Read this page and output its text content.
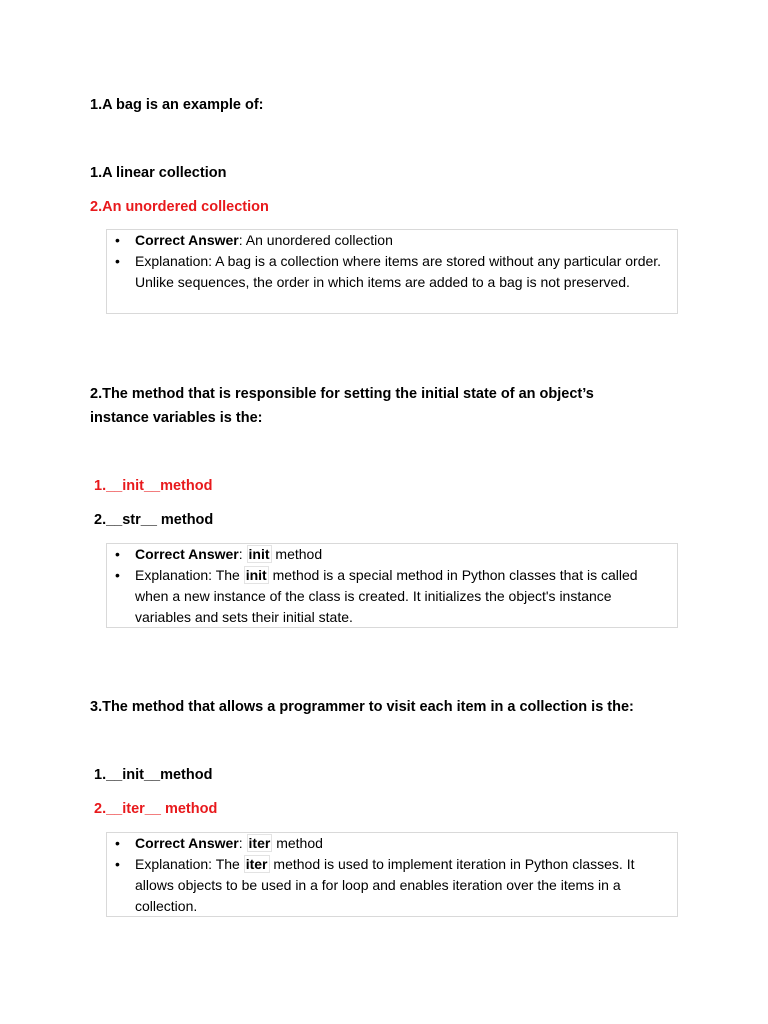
1.A bag is an example of:

1.A linear collection
2.An unordered collection
• Correct Answer: An unordered collection
• Explanation: A bag is a collection where items are stored without any particular order. Unlike sequences, the order in which items are added to a bag is not preserved.

2.The method that is responsible for setting the initial state of an object’s instance variables is the:

1.__init__method
2.__str__ method
• Correct Answer: init method
• Explanation: The init method is a special method in Python classes that is called when a new instance of the class is created. It initializes the object's instance variables and sets their initial state.

3.The method that allows a programmer to visit each item in a collection is the:

1.__init__method
2.__iter__ method
• Correct Answer: iter method
• Explanation: The iter method is used to implement iteration in Python classes. It allows objects to be used in a for loop and enables iteration over the items in a collection.
